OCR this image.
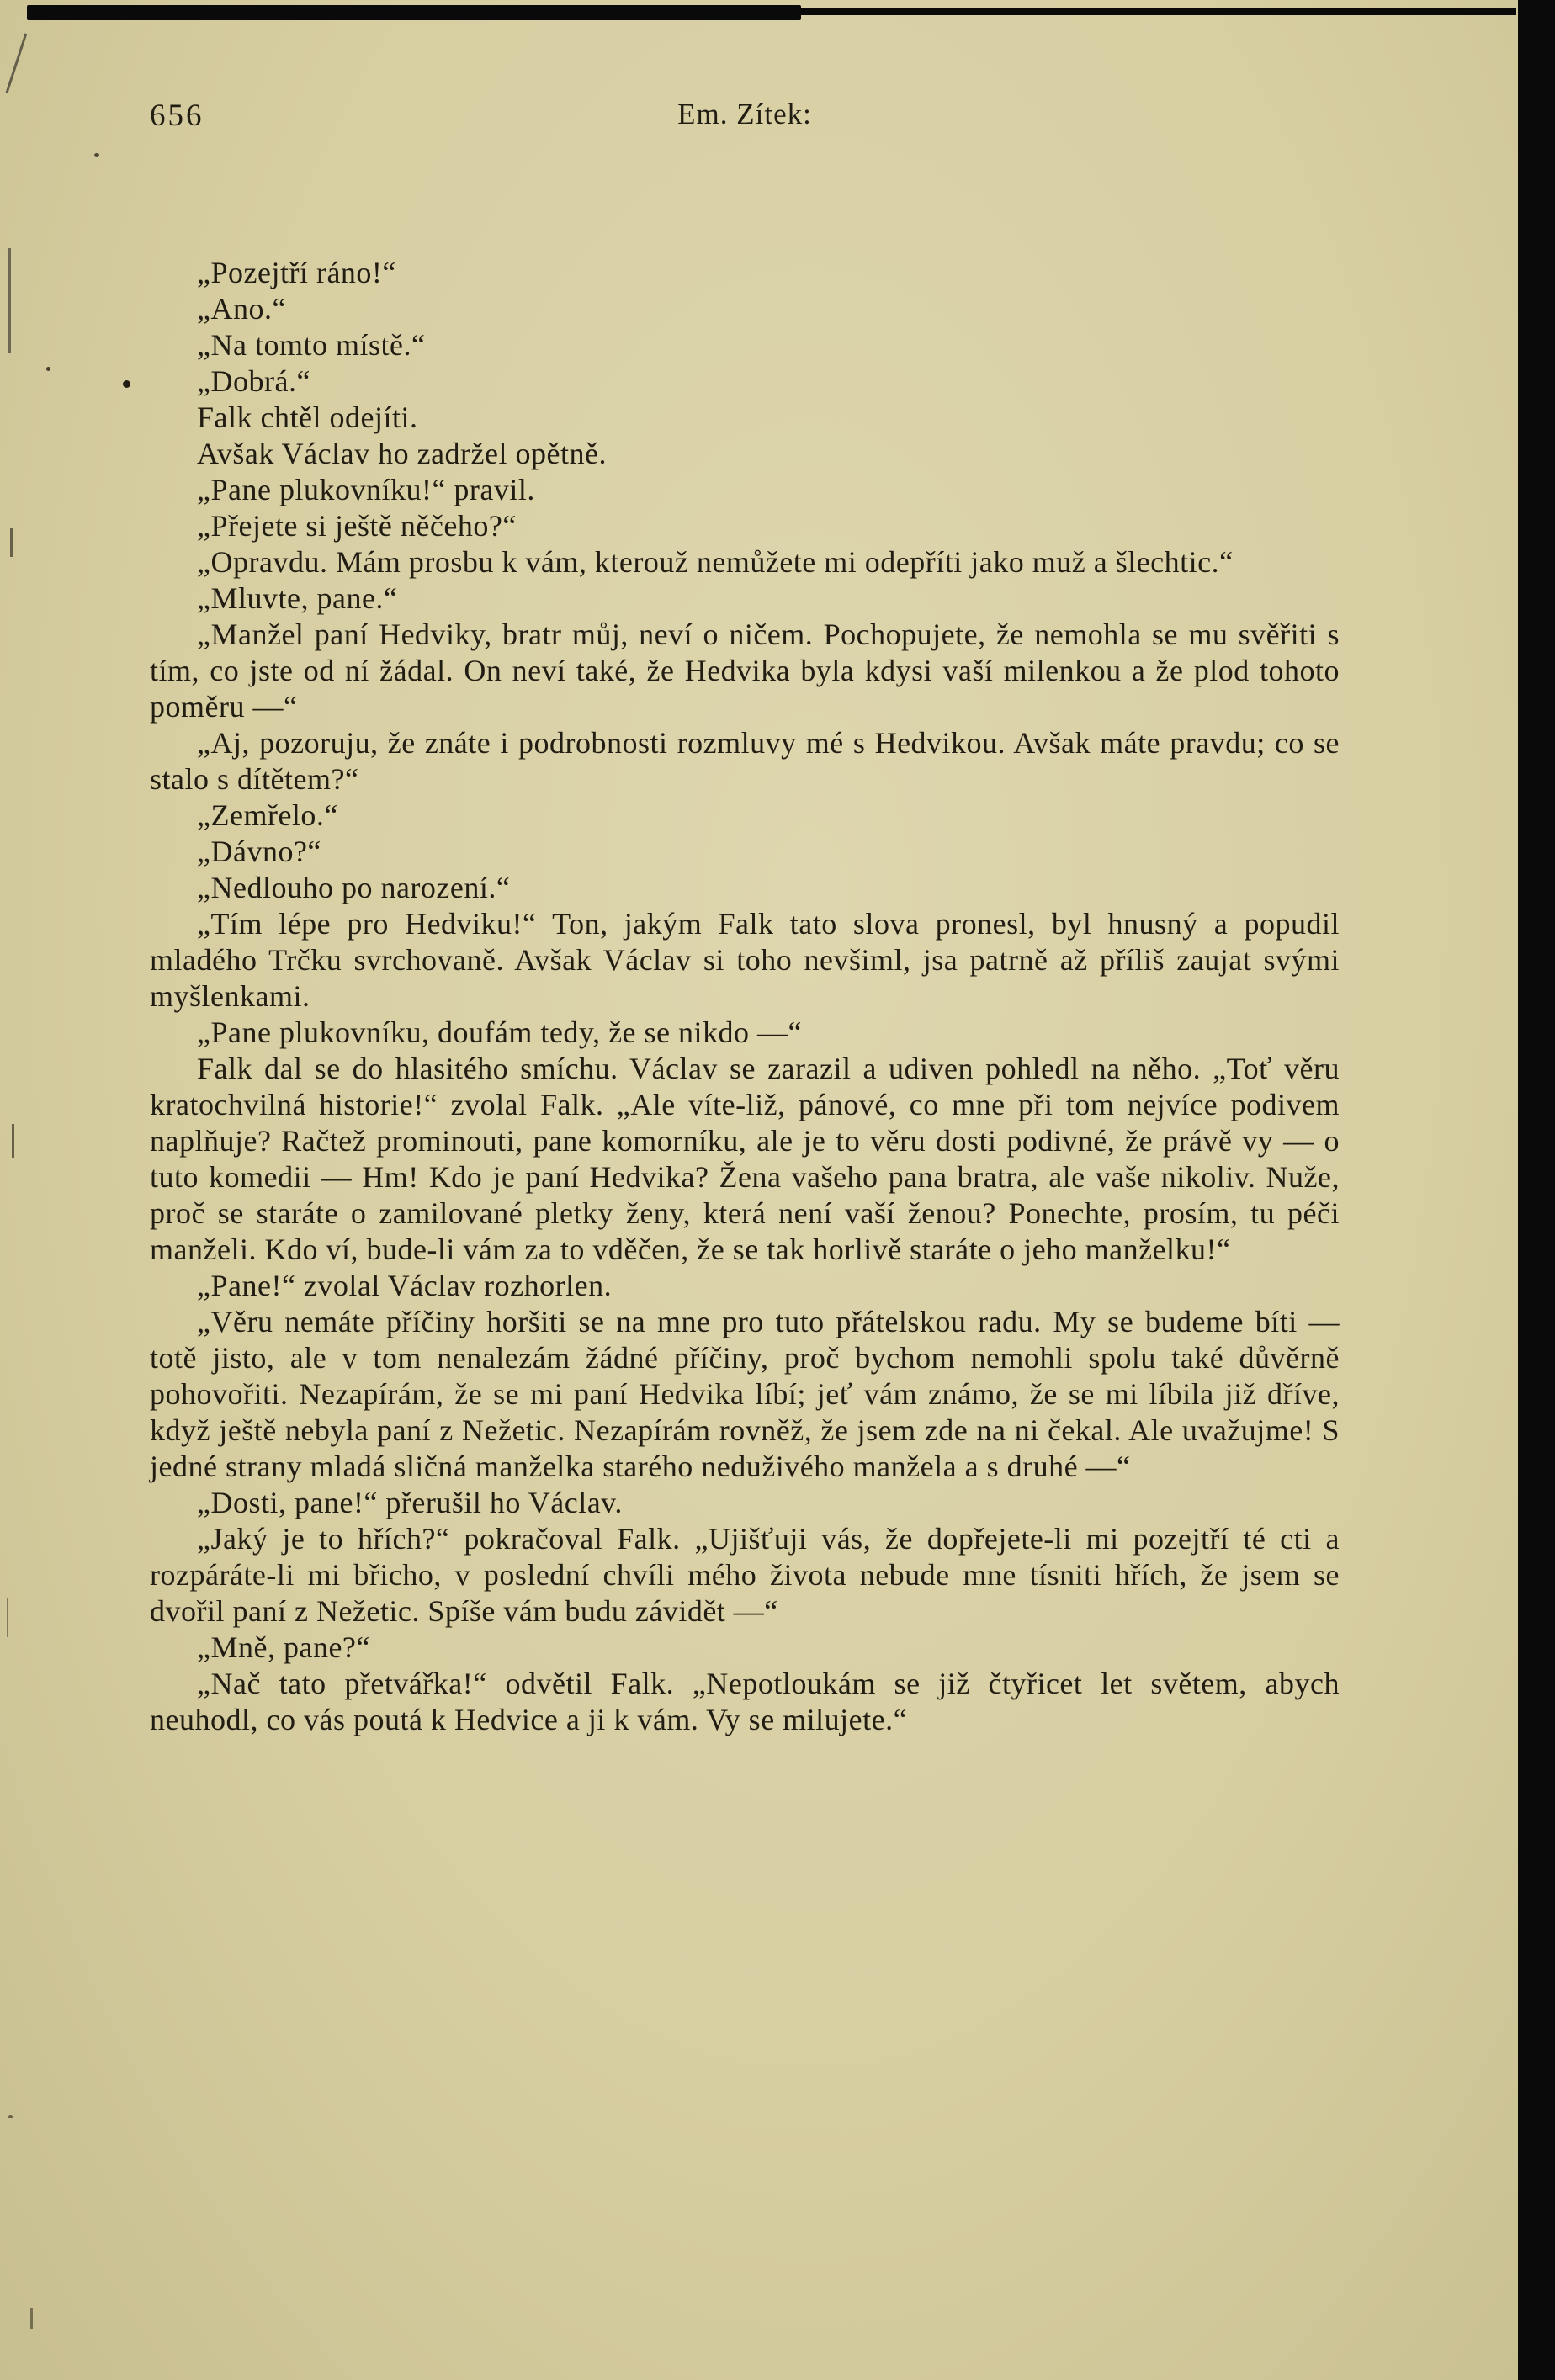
656	Em. Zítek:

„Pozejtří ráno!“

„Ano.“

„Na tomto místě.“

„Dobrá.“

Falk chtěl odejíti.

Avšak Václav ho zadržel opětně.

„Pane plukovníku!“ pravil.

„Přejete si ještě něčeho?“

„Opravdu. Mám prosbu k vám, kterouž nemůžete mi odepříti jako muž a šlechtic.“

„Mluvte, pane.“

„Manžel paní Hedviky, bratr můj, neví o ničem. Pochopujete, že nemohla se mu svěřiti s tím, co jste od ní žádal. On neví také, že Hedvika byla kdysi vaší milenkou a že plod tohoto poměru —“

„Aj, pozoruju, že znáte i podrobnosti rozmluvy mé s Hedvikou. Avšak máte pravdu; co se stalo s dítětem?“

„Zemřelo.“

„Dávno?“

„Nedlouho po narození.“

„Tím lépe pro Hedviku!“ Ton, jakým Falk tato slova pronesl, byl hnusný a popudil mladého Trčku svrchovaně. Avšak Václav si toho nevšiml, jsa patrně až příliš zaujat svými myšlenkami.

„Pane plukovníku, doufám tedy, že se nikdo —“

Falk dal se do hlasitého smíchu. Václav se zarazil a udiven pohledl na něho. „Toť věru kratochvilná historie!“ zvolal Falk. „Ale víte-liž, pánové, co mne při tom nejvíce podivem naplňuje? Račtež prominouti, pane komorníku, ale je to věru dosti podivné, že právě vy — o tuto komedii — Hm! Kdo je paní Hedvika? Žena vašeho pana bratra, ale vaše nikoliv. Nuže, proč se staráte o zamilované pletky ženy, která není vaší ženou? Ponechte, prosím, tu péči manželi. Kdo ví, bude-li vám za to vděčen, že se tak horlivě staráte o jeho manželku!“

„Pane!“ zvolal Václav rozhorlen.

„Věru nemáte příčiny horšiti se na mne pro tuto přátelskou radu. My se budeme bíti — totě jisto, ale v tom nenalezám žádné příčiny, proč bychom nemohli spolu také důvěrně pohovořiti. Nezapírám, že se mi paní Hedvika líbí; jeť vám známo, že se mi líbila již dříve, když ještě nebyla paní z Nežetic. Nezapírám rovněž, že jsem zde na ni čekal. Ale uvažujme! S jedné strany mladá sličná manželka starého neduživého manžela a s druhé —“

„Dosti, pane!“ přerušil ho Václav.

„Jaký je to hřích?“ pokračoval Falk. „Ujišťuji vás, že dopřejete-li mi pozejtří té cti a rozpáráte-li mi břicho, v poslední chvíli mého života nebude mne tísniti hřích, že jsem se dvořil paní z Nežetic. Spíše vám budu závidět —“

„Mně, pane?“

„Nač tato přetvářka!“ odvětil Falk. „Nepotloukám se již čtyřicet let světem, abych neuhodl, co vás poutá k Hedvice a ji k vám. Vy se milujete.“
